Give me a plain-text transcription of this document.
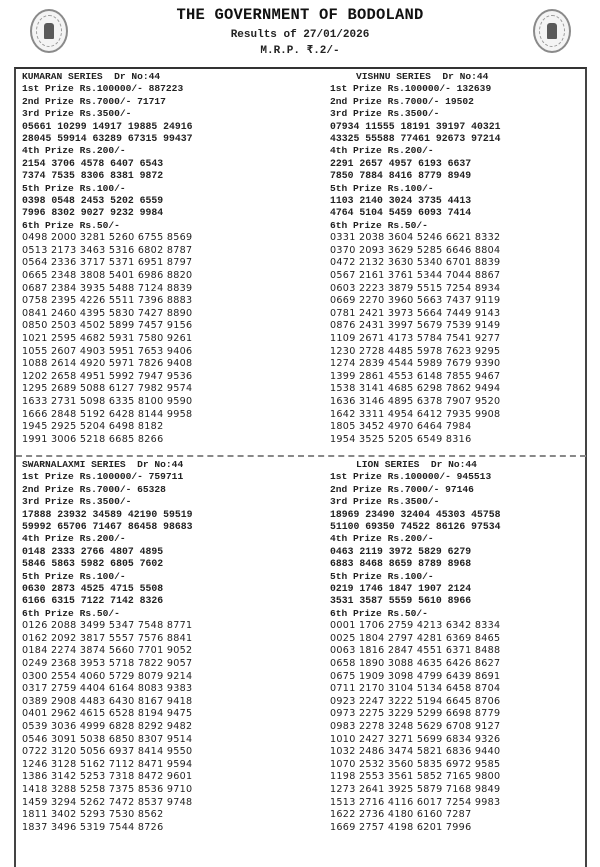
THE GOVERNMENT OF BODOLAND
Results of 27/01/2026
M.R.P. ₹.2/-
KUMARAN SERIES  Dr No:44
1st Prize Rs.100000/- 887223
2nd Prize Rs.7000/- 71717
3rd Prize Rs.3500/-
05661 10299 14917 19885 24916
28045 59914 63289 67315 99437
4th Prize Rs.200/-
2154 3706 4578 6407 6543
7374 7535 8306 8381 9872
5th Prize Rs.100/-
0398 0548 2453 5202 6559
7996 8302 9027 9232 9984
6th Prize Rs.50/-
0498 2000 3281 5260 6755 8569
0513 2173 3463 5316 6802 8787
0564 2336 3717 5371 6951 8797
0665 2348 3808 5401 6986 8820
0687 2384 3935 5488 7124 8839
0758 2395 4226 5511 7396 8883
0841 2460 4395 5830 7427 8890
0850 2503 4502 5899 7457 9156
1021 2595 4682 5931 7580 9261
1055 2607 4903 5951 7653 9406
1088 2614 4920 5971 7826 9408
1202 2658 4951 5992 7947 9536
1295 2689 5088 6127 7982 9574
1633 2731 5098 6335 8100 9590
1666 2848 5192 6428 8144 9958
1945 2925 5204 6498 8182
1991 3006 5218 6685 8266
VISHNU SERIES  Dr No:44
1st Prize Rs.100000/- 132639
2nd Prize Rs.7000/- 19502
3rd Prize Rs.3500/-
07934 11555 18191 39197 40321
43325 55588 77461 92673 97214
4th Prize Rs.200/-
2291 2657 4957 6193 6637
7850 7884 8416 8779 8949
5th Prize Rs.100/-
1103 2140 3024 3735 4413
4764 5104 5459 6093 7414
6th Prize Rs.50/-
0331 2038 3604 5246 6621 8332
0370 2093 3629 5285 6646 8804
0472 2132 3630 5340 6701 8839
0567 2161 3761 5344 7044 8867
0603 2223 3879 5515 7254 8934
0669 2270 3960 5663 7437 9119
0781 2421 3973 5664 7449 9143
0876 2431 3997 5679 7539 9149
1109 2671 4173 5784 7541 9277
1230 2728 4485 5978 7623 9295
1274 2839 4544 5989 7679 9390
1399 2861 4553 6148 7855 9467
1538 3141 4685 6298 7862 9494
1636 3146 4895 6378 7907 9520
1642 3311 4954 6412 7935 9908
1805 3452 4970 6464 7984
1954 3525 5205 6549 8316
SWARNALAXMI SERIES  Dr No:44
1st Prize Rs.100000/- 759711
2nd Prize Rs.7000/- 65328
3rd Prize Rs.3500/-
17888 23932 34589 42190 59519
59992 65706 71467 86458 98683
4th Prize Rs.200/-
0148 2333 2766 4807 4895
5846 5863 5982 6805 7602
5th Prize Rs.100/-
0630 2873 4525 4715 5508
6166 6315 7122 7142 8326
6th Prize Rs.50/-
0126 2088 3499 5347 7548 8771
0162 2092 3817 5557 7576 8841
0184 2274 3874 5660 7701 9052
0249 2368 3953 5718 7822 9057
0300 2554 4060 5729 8079 9214
0317 2759 4404 6164 8083 9383
0389 2908 4483 6430 8167 9418
0401 2962 4615 6528 8194 9475
0539 3036 4999 6828 8292 9482
0546 3091 5038 6850 8307 9514
0722 3120 5056 6937 8414 9550
1246 3128 5162 7112 8471 9594
1386 3142 5253 7318 8472 9601
1418 3288 5258 7375 8536 9710
1459 3294 5262 7472 8537 9748
1811 3402 5293 7530 8562
1837 3496 5319 7544 8726
LION SERIES  Dr No:44
1st Prize Rs.100000/- 945513
2nd Prize Rs.7000/- 97146
3rd Prize Rs.3500/-
18969 23490 32404 45303 45758
51100 69350 74522 86126 97534
4th Prize Rs.200/-
0463 2119 3972 5829 6279
6883 8468 8659 8789 8968
5th Prize Rs.100/-
0219 1746 1847 1907 2124
3531 3587 5559 5610 8966
6th Prize Rs.50/-
0001 1706 2759 4213 6342 8334
0025 1804 2797 4281 6369 8465
0063 1816 2847 4551 6371 8488
0658 1890 3088 4635 6426 8627
0675 1909 3098 4799 6439 8691
0711 2170 3104 5134 6458 8704
0923 2247 3222 5194 6645 8706
0973 2275 3229 5299 6698 8779
0983 2278 3248 5629 6708 9127
1010 2427 3271 5699 6834 9326
1032 2486 3474 5821 6836 9440
1070 2532 3560 5835 6972 9585
1198 2553 3561 5852 7165 9800
1273 2641 3925 5879 7168 9849
1513 2716 4116 6017 7254 9983
1622 2736 4180 6160 7287
1669 2757 4198 6201 7996
